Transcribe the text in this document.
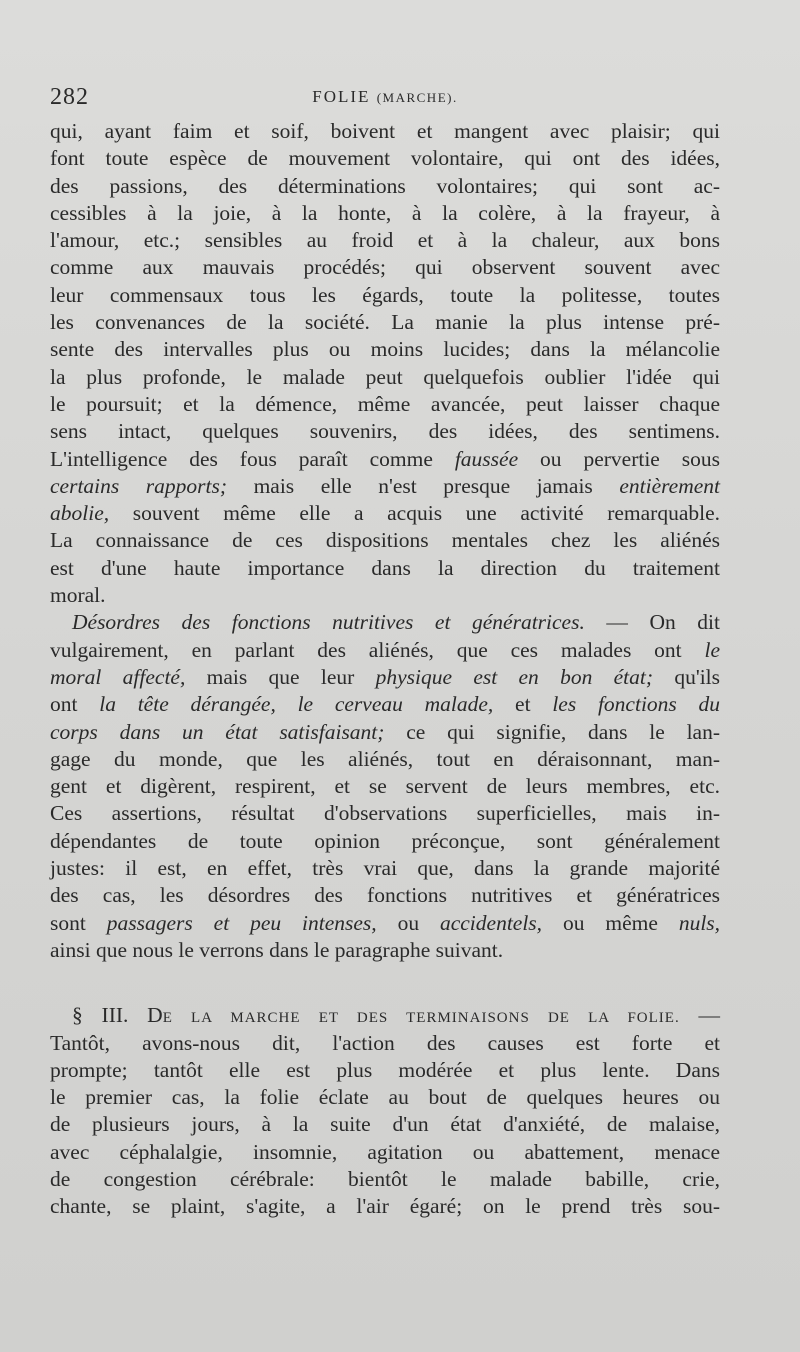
282	FOLIE (MARCHE).
qui, ayant faim et soif, boivent et mangent avec plaisir; qui
font toute espèce de mouvement volontaire, qui ont des idées,
des passions, des déterminations volontaires; qui sont ac-
cessibles à la joie, à la honte, à la colère, à la frayeur, à
l'amour, etc.; sensibles au froid et à la chaleur, aux bons
comme aux mauvais procédés; qui observent souvent avec
leur commensaux tous les égards, toute la politesse, toutes
les convenances de la société. La manie la plus intense pré-
sente des intervalles plus ou moins lucides; dans la mélancolie
la plus profonde, le malade peut quelquefois oublier l'idée qui
le poursuit; et la démence, même avancée, peut laisser chaque
sens intact, quelques souvenirs, des idées, des sentimens.
L'intelligence des fous paraît comme faussée ou pervertie sous
certains rapports; mais elle n'est presque jamais entièrement
abolie, souvent même elle a acquis une activité remarquable.
La connaissance de ces dispositions mentales chez les aliénés
est d'une haute importance dans la direction du traitement
moral.
Désordres des fonctions nutritives et génératrices. — On dit
vulgairement, en parlant des aliénés, que ces malades ont le
moral affecté, mais que leur physique est en bon état; qu'ils
ont la tête dérangée, le cerveau malade, et les fonctions du
corps dans un état satisfaisant; ce qui signifie, dans le lan-
gage du monde, que les aliénés, tout en déraisonnant, man-
gent et digèrent, respirent, et se servent de leurs membres, etc.
Ces assertions, résultat d'observations superficielles, mais in-
dépendantes de toute opinion préconçue, sont généralement
justes: il est, en effet, très vrai que, dans la grande majorité
des cas, les désordres des fonctions nutritives et génératrices
sont passagers et peu intenses, ou accidentels, ou même nuls,
ainsi que nous le verrons dans le paragraphe suivant.
§ III. DE LA MARCHE ET DES TERMINAISONS DE LA FOLIE. —
Tantôt, avons-nous dit, l'action des causes est forte et
prompte; tantôt elle est plus modérée et plus lente. Dans
le premier cas, la folie éclate au bout de quelques heures ou
de plusieurs jours, à la suite d'un état d'anxiété, de malaise,
avec céphalalgie, insomnie, agitation ou abattement, menace
de congestion cérébrale: bientôt le malade babille, crie,
chante, se plaint, s'agite, a l'air égaré; on le prend très sou-
